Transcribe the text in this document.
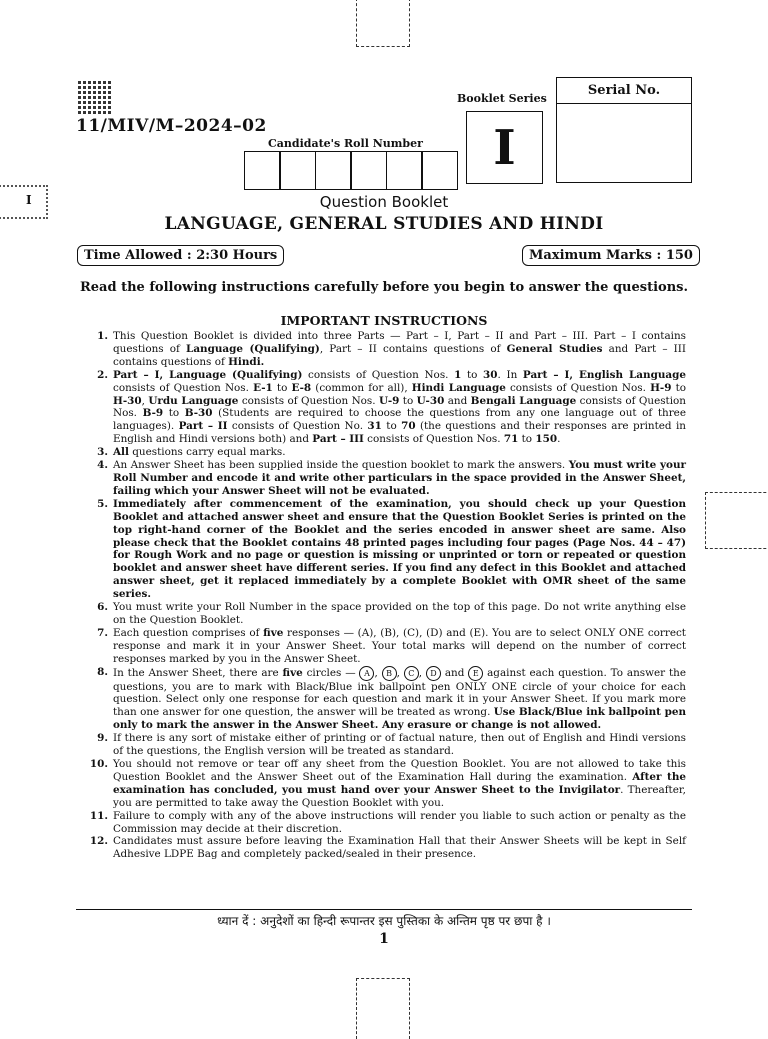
I
11/MIV/M–2024–02
Candidate's Roll Number
Booklet Series
I
Serial No.
Question Booklet
LANGUAGE, GENERAL STUDIES AND HINDI
Time Allowed : 2:30 Hours	Maximum Marks : 150
Read the following instructions carefully before you begin to answer the questions.
IMPORTANT INSTRUCTIONS
1. This Question Booklet is divided into three Parts — Part – I, Part – II and Part – III. Part – I contains questions of Language (Qualifying), Part – II contains questions of General Studies and Part – III contains questions of Hindi.
2. Part – I, Language (Qualifying) consists of Question Nos. 1 to 30. In Part – I, English Language consists of Question Nos. E-1 to E-8 (common for all), Hindi Language consists of Question Nos. H-9 to H-30, Urdu Language consists of Question Nos. U-9 to U-30 and Bengali Language consists of Question Nos. B-9 to B-30 (Students are required to choose the questions from any one language out of three languages). Part – II consists of Question No. 31 to 70 (the questions and their responses are printed in English and Hindi versions both) and Part – III consists of Question Nos. 71 to 150.
3. All questions carry equal marks.
4. An Answer Sheet has been supplied inside the question booklet to mark the answers. You must write your Roll Number and encode it and write other particulars in the space provided in the Answer Sheet, failing which your Answer Sheet will not be evaluated.
5. Immediately after commencement of the examination, you should check up your Question Booklet and attached answer sheet and ensure that the Question Booklet Series is printed on the top right-hand corner of the Booklet and the series encoded in answer sheet are same. Also please check that the Booklet contains 48 printed pages including four pages (Page Nos. 44 – 47) for Rough Work and no page or question is missing or unprinted or torn or repeated or question booklet and answer sheet have different series. If you find any defect in this Booklet and attached answer sheet, get it replaced immediately by a complete Booklet with OMR sheet of the same series.
6. You must write your Roll Number in the space provided on the top of this page. Do not write anything else on the Question Booklet.
7. Each question comprises of five responses — (A), (B), (C), (D) and (E). You are to select ONLY ONE correct response and mark it in your Answer Sheet. Your total marks will depend on the number of correct responses marked by you in the Answer Sheet.
8. In the Answer Sheet, there are five circles — A , B , C , D and E against each question. To answer the questions, you are to mark with Black/Blue ink ballpoint pen ONLY ONE circle of your choice for each question. Select only one response for each question and mark it in your Answer Sheet. If you mark more than one answer for one question, the answer will be treated as wrong. Use Black/Blue ink ballpoint pen only to mark the answer in the Answer Sheet. Any erasure or change is not allowed.
9. If there is any sort of mistake either of printing or of factual nature, then out of English and Hindi versions of the questions, the English version will be treated as standard.
10. You should not remove or tear off any sheet from the Question Booklet. You are not allowed to take this Question Booklet and the Answer Sheet out of the Examination Hall during the examination. After the examination has concluded, you must hand over your Answer Sheet to the Invigilator. Thereafter, you are permitted to take away the Question Booklet with you.
11. Failure to comply with any of the above instructions will render you liable to such action or penalty as the Commission may decide at their discretion.
12. Candidates must assure before leaving the Examination Hall that their Answer Sheets will be kept in Self Adhesive LDPE Bag and completely packed/sealed in their presence.
ध्यान दें : अनुदेशों का हिन्दी रूपान्तर इस पुस्तिका के अन्तिम पृष्ठ पर छपा है ।
1
